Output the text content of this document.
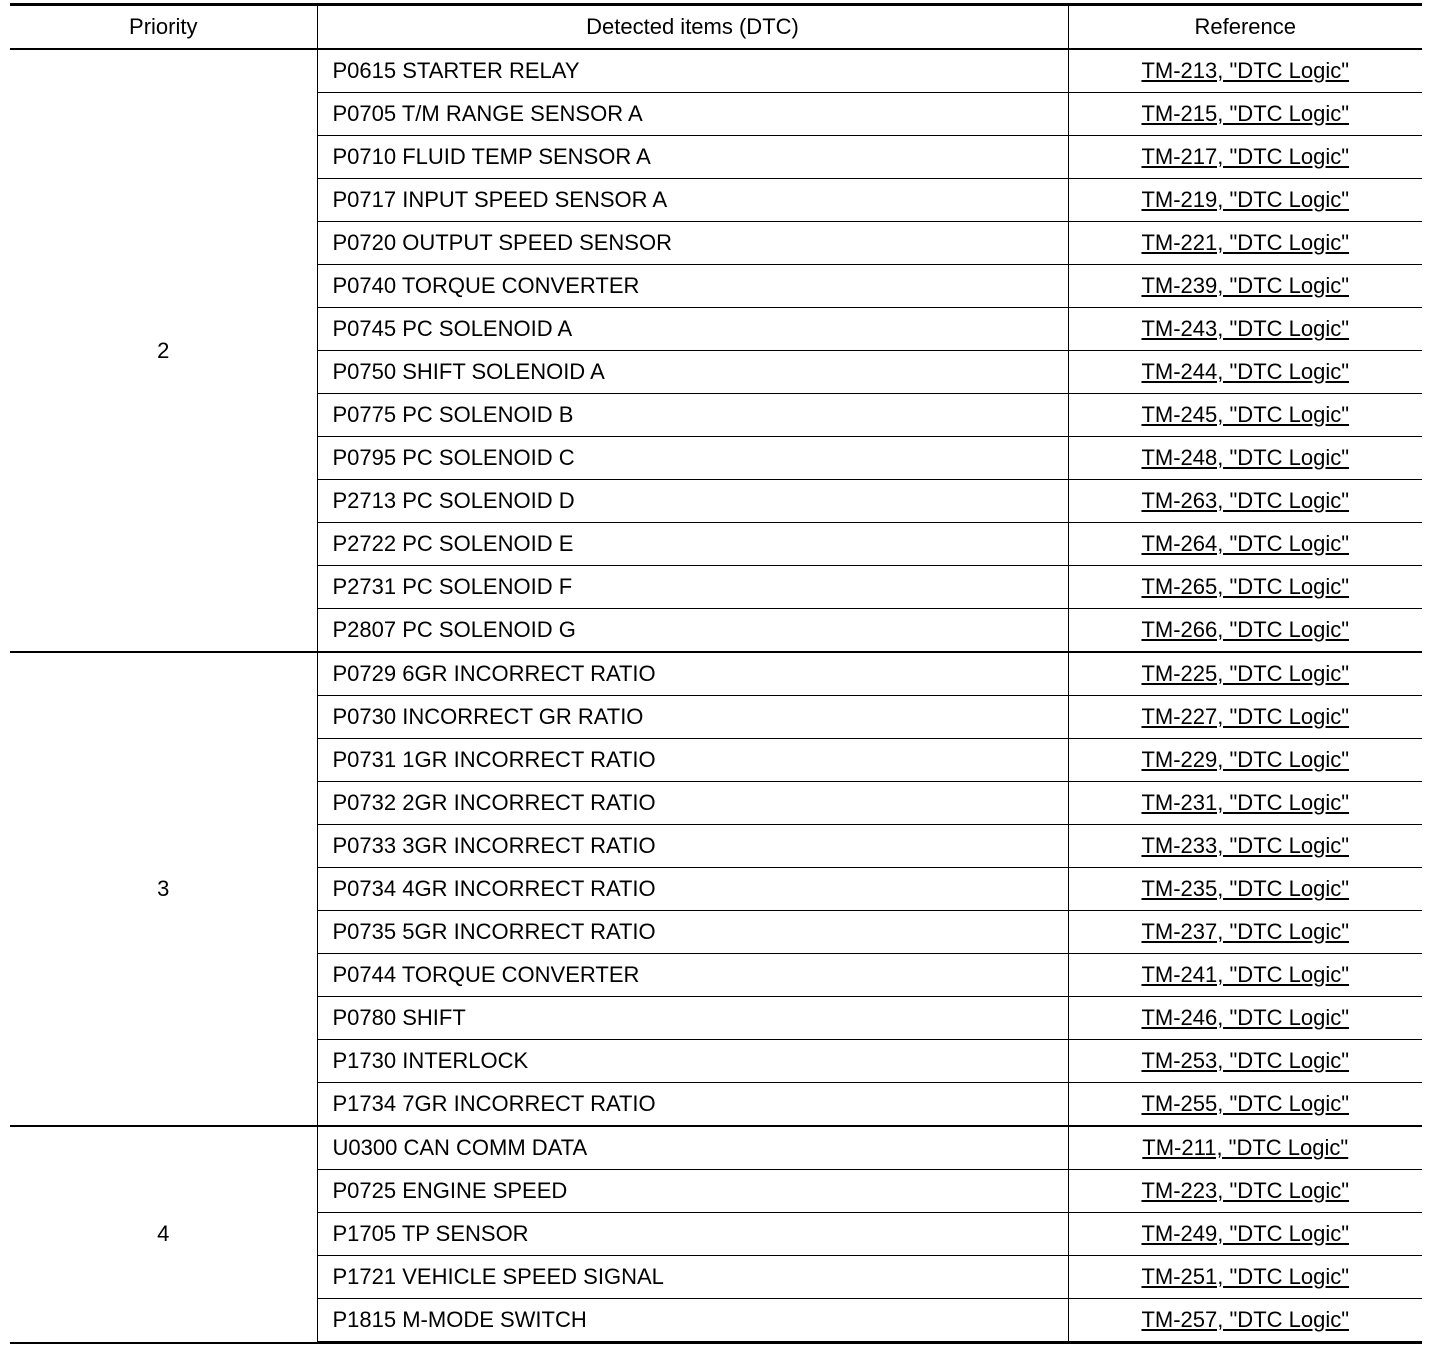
Priority	Detected items (DTC)	Reference
2	P0615 STARTER RELAY	TM-213, "DTC Logic"
	P0705 T/M RANGE SENSOR A	TM-215, "DTC Logic"
	P0710 FLUID TEMP SENSOR A	TM-217, "DTC Logic"
	P0717 INPUT SPEED SENSOR A	TM-219, "DTC Logic"
	P0720 OUTPUT SPEED SENSOR	TM-221, "DTC Logic"
	P0740 TORQUE CONVERTER	TM-239, "DTC Logic"
	P0745 PC SOLENOID A	TM-243, "DTC Logic"
	P0750 SHIFT SOLENOID A	TM-244, "DTC Logic"
	P0775 PC SOLENOID B	TM-245, "DTC Logic"
	P0795 PC SOLENOID C	TM-248, "DTC Logic"
	P2713 PC SOLENOID D	TM-263, "DTC Logic"
	P2722 PC SOLENOID E	TM-264, "DTC Logic"
	P2731 PC SOLENOID F	TM-265, "DTC Logic"
	P2807 PC SOLENOID G	TM-266, "DTC Logic"
3	P0729 6GR INCORRECT RATIO	TM-225, "DTC Logic"
	P0730 INCORRECT GR RATIO	TM-227, "DTC Logic"
	P0731 1GR INCORRECT RATIO	TM-229, "DTC Logic"
	P0732 2GR INCORRECT RATIO	TM-231, "DTC Logic"
	P0733 3GR INCORRECT RATIO	TM-233, "DTC Logic"
	P0734 4GR INCORRECT RATIO	TM-235, "DTC Logic"
	P0735 5GR INCORRECT RATIO	TM-237, "DTC Logic"
	P0744 TORQUE CONVERTER	TM-241, "DTC Logic"
	P0780 SHIFT	TM-246, "DTC Logic"
	P1730 INTERLOCK	TM-253, "DTC Logic"
	P1734 7GR INCORRECT RATIO	TM-255, "DTC Logic"
4	U0300 CAN COMM DATA	TM-211, "DTC Logic"
	P0725 ENGINE SPEED	TM-223, "DTC Logic"
	P1705 TP SENSOR	TM-249, "DTC Logic"
	P1721 VEHICLE SPEED SIGNAL	TM-251, "DTC Logic"
	P1815 M-MODE SWITCH	TM-257, "DTC Logic"
